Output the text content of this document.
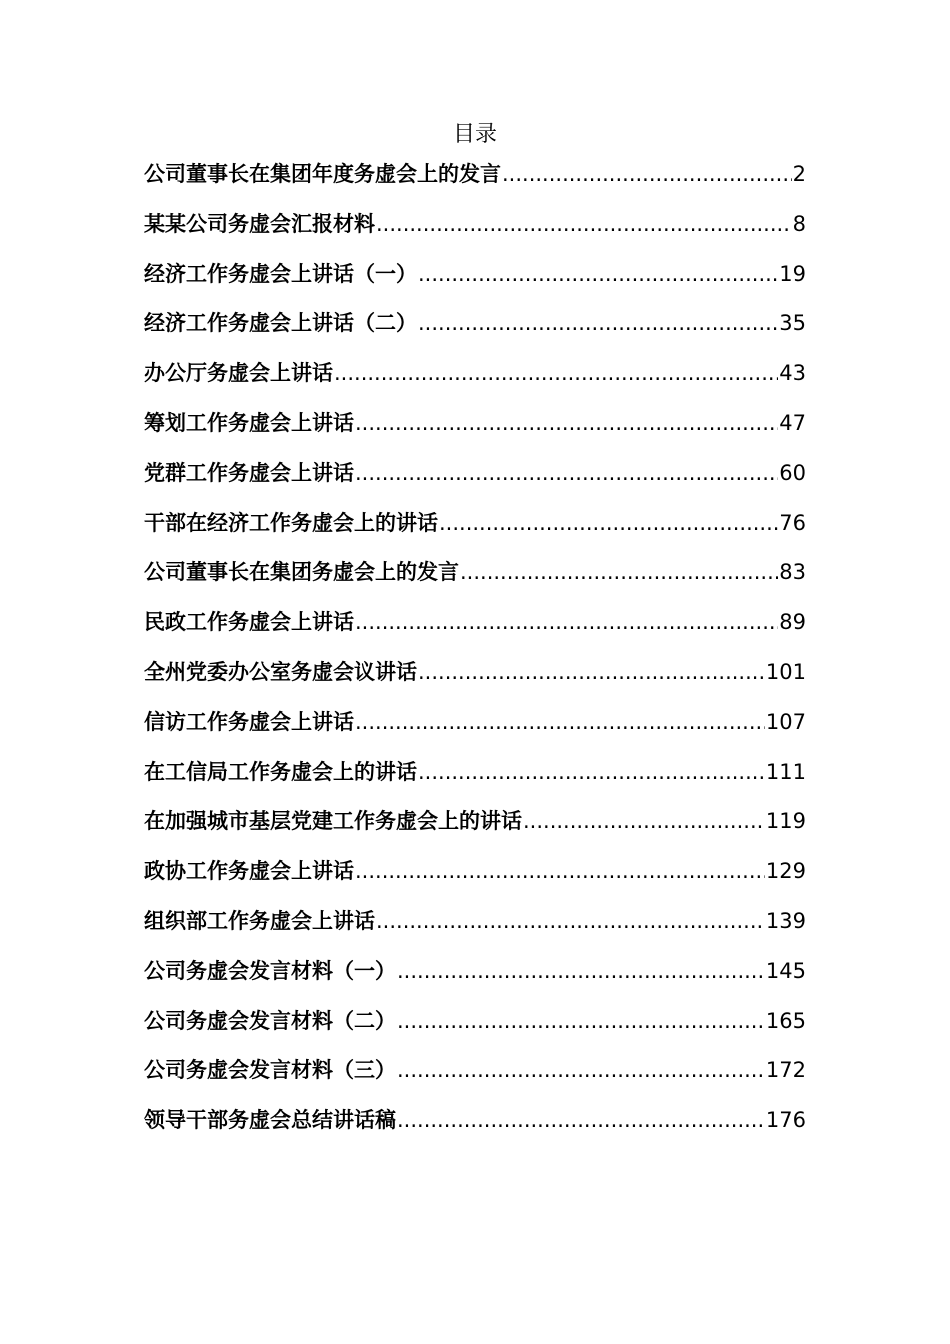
目录
公司董事长在集团年度务虚会上的发言 .....	2
某某公司务虚会汇报材料 .....	8
经济工作务虚会上讲话（一） .....	19
经济工作务虚会上讲话（二） .....	35
办公厅务虚会上讲话 .....	43
筹划工作务虚会上讲话 .....	47
党群工作务虚会上讲话 .....	60
干部在经济工作务虚会上的讲话 .....	76
公司董事长在集团务虚会上的发言 .....	83
民政工作务虚会上讲话 .....	89
全州党委办公室务虚会议讲话 .....	101
信访工作务虚会上讲话 .....	107
在工信局工作务虚会上的讲话 .....	111
在加强城市基层党建工作务虚会上的讲话 .....	119
政协工作务虚会上讲话 .....	129
组织部工作务虚会上讲话 .....	139
公司务虚会发言材料（一） .....	145
公司务虚会发言材料（二） .....	165
公司务虚会发言材料（三） .....	172
领导干部务虚会总结讲话稿 .....	176
